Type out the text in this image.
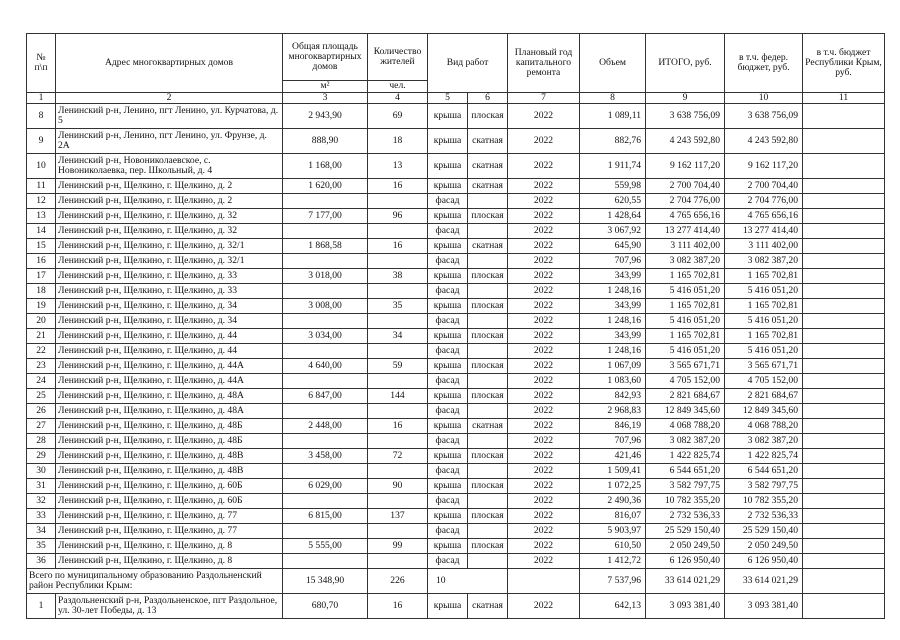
№
п\п	Адрес многоквартирных домов	Общая площадь многоквартирных домов	Количество жителей	Вид работ		Плановый год капитального ремонта	Объем	ИТОГО, руб.	в т.ч. федер. бюджет, руб.	в т.ч. бюджет Республики Крым, руб.
		м²	чел.							
1	2	3	4	5	6	7	8	9	10	11
8	Ленинский р-н, Ленино, пгт Ленино, ул. Курчатова, д. 5	2 943,90	69	крыша	плоская	2022	1 089,11	3 638 756,09	3 638 756,09	
9	Ленинский р-н, Ленино, пгт Ленино, ул. Фрунзе, д. 2А	888,90	18	крыша	скатная	2022	882,76	4 243 592,80	4 243 592,80	
10	Ленинский р-н, Новониколаевское, с. Новониколаевка, пер. Школьный, д. 4	1 168,00	13	крыша	скатная	2022	1 911,74	9 162 117,20	9 162 117,20	
11	Ленинский р-н, Щелкино, г. Щелкино, д. 2	1 620,00	16	крыша	скатная	2022	559,98	2 700 704,40	2 700 704,40	
12	Ленинский р-н, Щелкино, г. Щелкино, д. 2			фасад		2022	620,55	2 704 776,00	2 704 776,00	
13	Ленинский р-н, Щелкино, г. Щелкино, д. 32	7 177,00	96	крыша	плоская	2022	1 428,64	4 765 656,16	4 765 656,16	
14	Ленинский р-н, Щелкино, г. Щелкино, д. 32			фасад		2022	3 067,92	13 277 414,40	13 277 414,40	
15	Ленинский р-н, Щелкино, г. Щелкино, д. 32/1	1 868,58	16	крыша	скатная	2022	645,90	3 111 402,00	3 111 402,00	
16	Ленинский р-н, Щелкино, г. Щелкино, д. 32/1			фасад		2022	707,96	3 082 387,20	3 082 387,20	
17	Ленинский р-н, Щелкино, г. Щелкино, д. 33	3 018,00	38	крыша	плоская	2022	343,99	1 165 702,81	1 165 702,81	
18	Ленинский р-н, Щелкино, г. Щелкино, д. 33			фасад		2022	1 248,16	5 416 051,20	5 416 051,20	
19	Ленинский р-н, Щелкино, г. Щелкино, д. 34	3 008,00	35	крыша	плоская	2022	343,99	1 165 702,81	1 165 702,81	
20	Ленинский р-н, Щелкино, г. Щелкино, д. 34			фасад		2022	1 248,16	5 416 051,20	5 416 051,20	
21	Ленинский р-н, Щелкино, г. Щелкино, д. 44	3 034,00	34	крыша	плоская	2022	343,99	1 165 702,81	1 165 702,81	
22	Ленинский р-н, Щелкино, г. Щелкино, д. 44			фасад		2022	1 248,16	5 416 051,20	5 416 051,20	
23	Ленинский р-н, Щелкино, г. Щелкино, д. 44А	4 640,00	59	крыша	плоская	2022	1 067,09	3 565 671,71	3 565 671,71	
24	Ленинский р-н, Щелкино, г. Щелкино, д. 44А			фасад		2022	1 083,60	4 705 152,00	4 705 152,00	
25	Ленинский р-н, Щелкино, г. Щелкино, д. 48А	6 847,00	144	крыша	плоская	2022	842,93	2 821 684,67	2 821 684,67	
26	Ленинский р-н, Щелкино, г. Щелкино, д. 48А			фасад		2022	2 968,83	12 849 345,60	12 849 345,60	
27	Ленинский р-н, Щелкино, г. Щелкино, д. 48Б	2 448,00	16	крыша	скатная	2022	846,19	4 068 788,20	4 068 788,20	
28	Ленинский р-н, Щелкино, г. Щелкино, д. 48Б			фасад		2022	707,96	3 082 387,20	3 082 387,20	
29	Ленинский р-н, Щелкино, г. Щелкино, д. 48В	3 458,00	72	крыша	плоская	2022	421,46	1 422 825,74	1 422 825,74	
30	Ленинский р-н, Щелкино, г. Щелкино, д. 48В			фасад		2022	1 509,41	6 544 651,20	6 544 651,20	
31	Ленинский р-н, Щелкино, г. Щелкино, д. 60Б	6 029,00	90	крыша	плоская	2022	1 072,25	3 582 797,75	3 582 797,75	
32	Ленинский р-н, Щелкино, г. Щелкино, д. 60Б			фасад		2022	2 490,36	10 782 355,20	10 782 355,20	
33	Ленинский р-н, Щелкино, г. Щелкино, д. 77	6 815,00	137	крыша	плоская	2022	816,07	2 732 536,33	2 732 536,33	
34	Ленинский р-н, Щелкино, г. Щелкино, д. 77			фасад		2022	5 903,97	25 529 150,40	25 529 150,40	
35	Ленинский р-н, Щелкино, г. Щелкино, д. 8	5 555,00	99	крыша	плоская	2022	610,50	2 050 249,50	2 050 249,50	
36	Ленинский р-н, Щелкино, г. Щелкино, д. 8			фасад		2022	1 412,72	6 126 950,40	6 126 950,40	
Всего по муниципальному образованию Раздольненский район Республики Крым:		15 348,90	226	10			7 537,96	33 614 021,29	33 614 021,29	
1	Раздольненский р-н, Раздольненское, пгт Раздольное, ул. 30-лет Победы, д. 13	680,70	16	крыша	скатная	2022	642,13	3 093 381,40	3 093 381,40	
